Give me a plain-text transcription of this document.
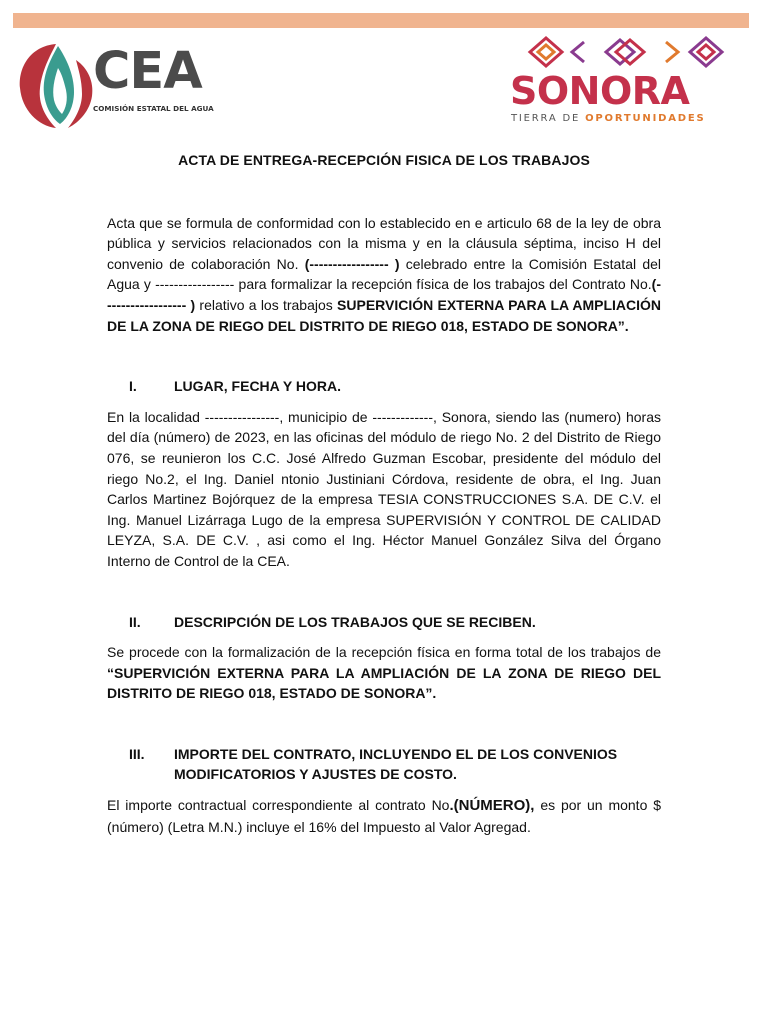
CEA
COMISIÓN ESTATAL DEL AGUA	SONORA
TIERRA DE OPORTUNIDADES
ACTA DE ENTREGA-RECEPCIÓN FISICA DE LOS TRABAJOS

Acta que se formula de conformidad con lo establecido en e articulo 68 de la ley de obra pública y servicios relacionados con la misma y en la cláusula séptima, inciso H del convenio de colaboración No. (----------------- ) celebrado entre la Comisión Estatal del Agua y ----------------- para formalizar la recepción física de los trabajos del Contrato No.(------------------ ) relativo a los trabajos SUPERVICIÓN EXTERNA PARA LA AMPLIACIÓN DE LA ZONA DE RIEGO DEL DISTRITO DE RIEGO 018, ESTADO DE SONORA”.

I.	LUGAR, FECHA Y HORA.

En la localidad ----------------, municipio de -------------, Sonora, siendo las (numero) horas del día (número) de 2023, en las oficinas del módulo de riego No. 2 del Distrito de Riego 076, se reunieron los C.C. José Alfredo Guzman Escobar, presidente del módulo del riego No.2, el Ing. Daniel ntonio Justiniani Córdova, residente de obra, el Ing. Juan Carlos Martinez Bojórquez de la empresa TESIA CONSTRUCCIONES S.A. DE C.V. el Ing. Manuel Lizárraga Lugo de la empresa SUPERVISIÓN Y CONTROL DE CALIDAD LEYZA, S.A. DE C.V. , asi como el Ing. Héctor Manuel González Silva del Órgano Interno de Control de la CEA.

II.	DESCRIPCIÓN DE LOS TRABAJOS QUE SE RECIBEN.

Se procede con la formalización de la recepción física en forma total de los trabajos de “SUPERVICIÓN EXTERNA PARA LA AMPLIACIÓN DE LA ZONA DE RIEGO DEL DISTRITO DE RIEGO 018, ESTADO DE SONORA”.

III.	IMPORTE DEL CONTRATO, INCLUYENDO EL DE LOS CONVENIOS MODIFICATORIOS Y AJUSTES DE COSTO.

El importe contractual correspondiente al contrato No.(NÚMERO), es por un monto $ (número) (Letra M.N.) incluye el 16% del Impuesto al Valor Agregad.
